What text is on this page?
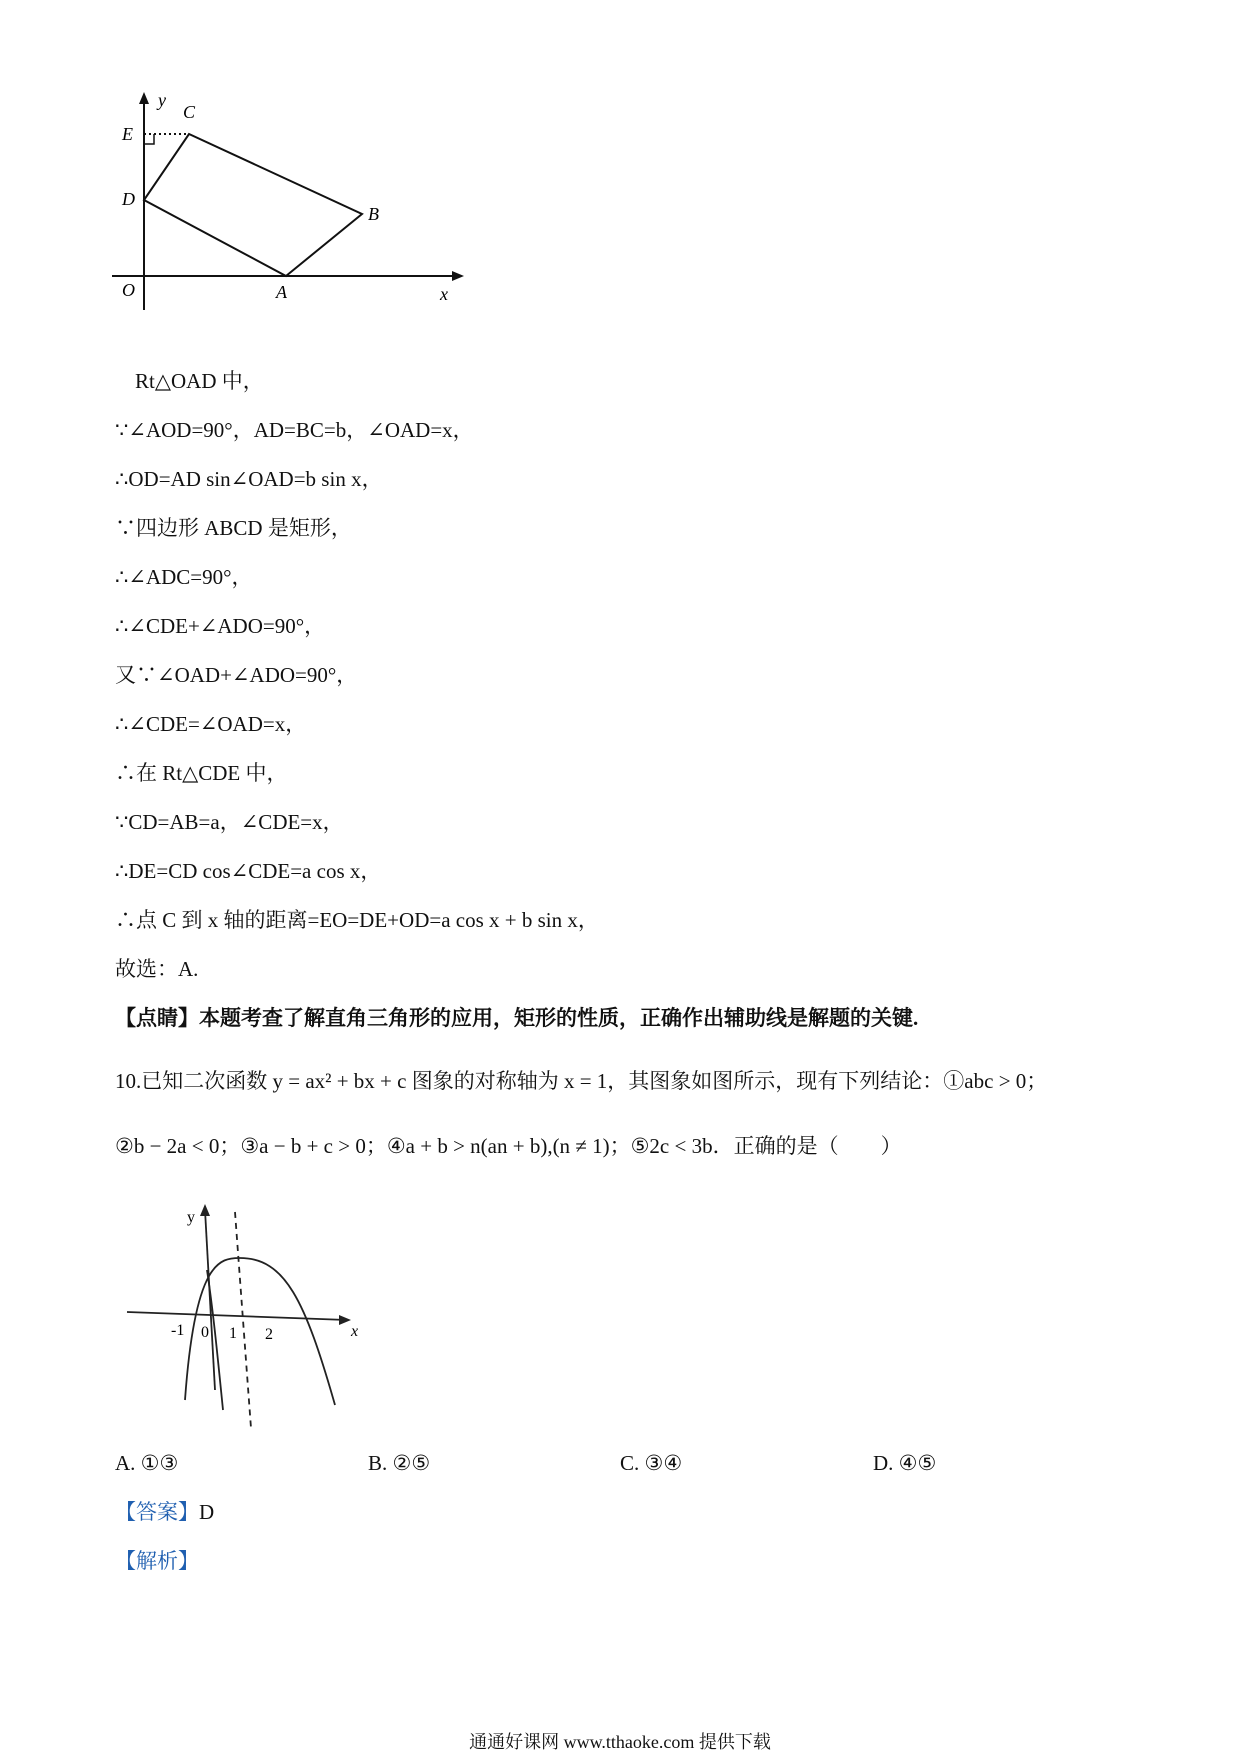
y
C
E
D
B
O	A	x
Rt△OAD 中，
∵∠AOD=90°，AD=BC=b，∠OAD=x，
∴OD=AD sin∠OAD=b sin x，
∵四边形 ABCD 是矩形，
∴∠ADC=90°，
∴∠CDE+∠ADO=90°，
又∵∠OAD+∠ADO=90°，
∴∠CDE=∠OAD=x，
∴在 Rt△CDE 中，
∵CD=AB=a，∠CDE=x，
∴DE=CD cos∠CDE=a cos x，
∴点 C 到 x 轴的距离=EO=DE+OD=a cos x + b sin x，
故选：A.
【点睛】本题考查了解直角三角形的应用，矩形的性质，正确作出辅助线是解题的关键.
10.已知二次函数 y = ax² + bx + c 图象的对称轴为 x = 1，其图象如图所示，现有下列结论：①abc > 0；
②b − 2a < 0；③a − b + c > 0；④a + b > n(an + b),(n ≠ 1)；⑤2c < 3b．正确的是（　　）
y
x
-1 0 1 2
A. ①③	B. ②⑤	C. ③④	D. ④⑤
【答案】D
【解析】
通通好课网 www.tthaoke.com 提供下载
